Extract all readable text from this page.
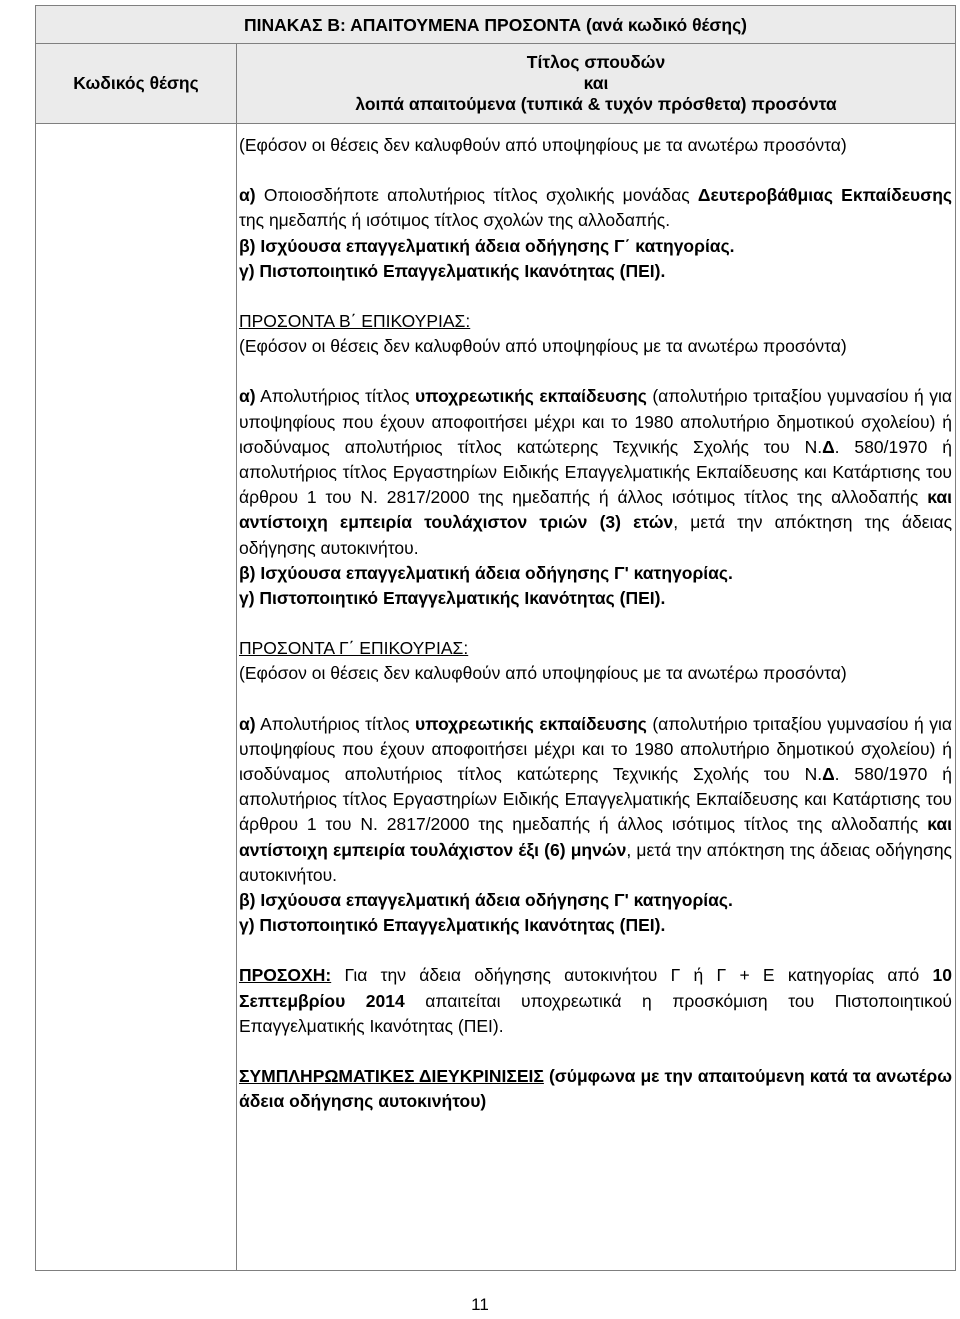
ΠΙΝΑΚΑΣ Β: ΑΠΑΙΤΟΥΜΕΝΑ ΠΡΟΣΟΝΤΑ (ανά κωδικό θέσης)
Κωδικός θέσης
Τίτλος σπουδών
και
λοιπά απαιτούμενα (τυπικά & τυχόν πρόσθετα) προσόντα

(Εφόσον οι θέσεις δεν καλυφθούν από υποψηφίους με τα ανωτέρω προσόντα)

α) Οποιοσδήποτε απολυτήριος τίτλος σχολικής μονάδας Δευτεροβάθμιας Εκπαίδευσης της ημεδαπής ή ισότιμος τίτλος σχολών της αλλοδαπής.

β) Ισχύουσα επαγγελματική άδεια οδήγησης Γ΄ κατηγορίας.

γ) Πιστοποιητικό Επαγγελματικής Ικανότητας (ΠΕΙ).

ΠΡΟΣΟΝΤΑ Β΄ ΕΠΙΚΟΥΡΙΑΣ:

(Εφόσον οι θέσεις δεν καλυφθούν από υποψηφίους με τα ανωτέρω προσόντα)

α) Απολυτήριος τίτλος υποχρεωτικής εκπαίδευσης (απολυτήριο τριταξίου γυμνασίου ή για υποψηφίους που έχουν αποφοιτήσει μέχρι και το 1980 απολυτήριο δημοτικού σχολείου) ή ισοδύναμος απολυτήριος τίτλος κατώτερης Τεχνικής Σχολής του Ν.Δ. 580/1970 ή απολυτήριος τίτλος Εργαστηρίων Ειδικής Επαγγελματικής Εκπαίδευσης και Κατάρτισης του άρθρου 1 του Ν. 2817/2000 της ημεδαπής ή άλλος ισότιμος τίτλος της αλλοδαπής και αντίστοιχη εμπειρία τουλάχιστον τριών (3) ετών, μετά την απόκτηση της άδειας οδήγησης αυτοκινήτου.

β) Ισχύουσα επαγγελματική άδεια οδήγησης Γ' κατηγορίας.

γ) Πιστοποιητικό Επαγγελματικής Ικανότητας (ΠΕΙ).

ΠΡΟΣΟΝΤΑ Γ΄ ΕΠΙΚΟΥΡΙΑΣ:

(Εφόσον οι θέσεις δεν καλυφθούν από υποψηφίους με τα ανωτέρω προσόντα)

α) Απολυτήριος τίτλος υποχρεωτικής εκπαίδευσης (απολυτήριο τριταξίου γυμνασίου ή για υποψηφίους που έχουν αποφοιτήσει μέχρι και το 1980 απολυτήριο δημοτικού σχολείου) ή ισοδύναμος απολυτήριος τίτλος κατώτερης Τεχνικής Σχολής του Ν.Δ. 580/1970 ή απολυτήριος τίτλος Εργαστηρίων Ειδικής Επαγγελματικής Εκπαίδευσης και Κατάρτισης του άρθρου 1 του Ν. 2817/2000 της ημεδαπής ή άλλος ισότιμος τίτλος της αλλοδαπής και αντίστοιχη εμπειρία τουλάχιστον έξι (6) μηνών, μετά την απόκτηση της άδειας οδήγησης αυτοκινήτου.

β) Ισχύουσα επαγγελματική άδεια οδήγησης Γ' κατηγορίας.

γ) Πιστοποιητικό Επαγγελματικής Ικανότητας (ΠΕΙ).

ΠΡΟΣΟΧΗ: Για την άδεια οδήγησης αυτοκινήτου Γ ή Γ + Ε κατηγορίας από 10 Σεπτεμβρίου 2014 απαιτείται υποχρεωτικά η προσκόμιση του Πιστοποιητικού Επαγγελματικής Ικανότητας (ΠΕΙ).

ΣΥΜΠΛΗΡΩΜΑΤΙΚΕΣ ΔΙΕΥΚΡΙΝΙΣΕΙΣ (σύμφωνα με την απαιτούμενη κατά τα ανωτέρω άδεια οδήγησης αυτοκινήτου)

11
